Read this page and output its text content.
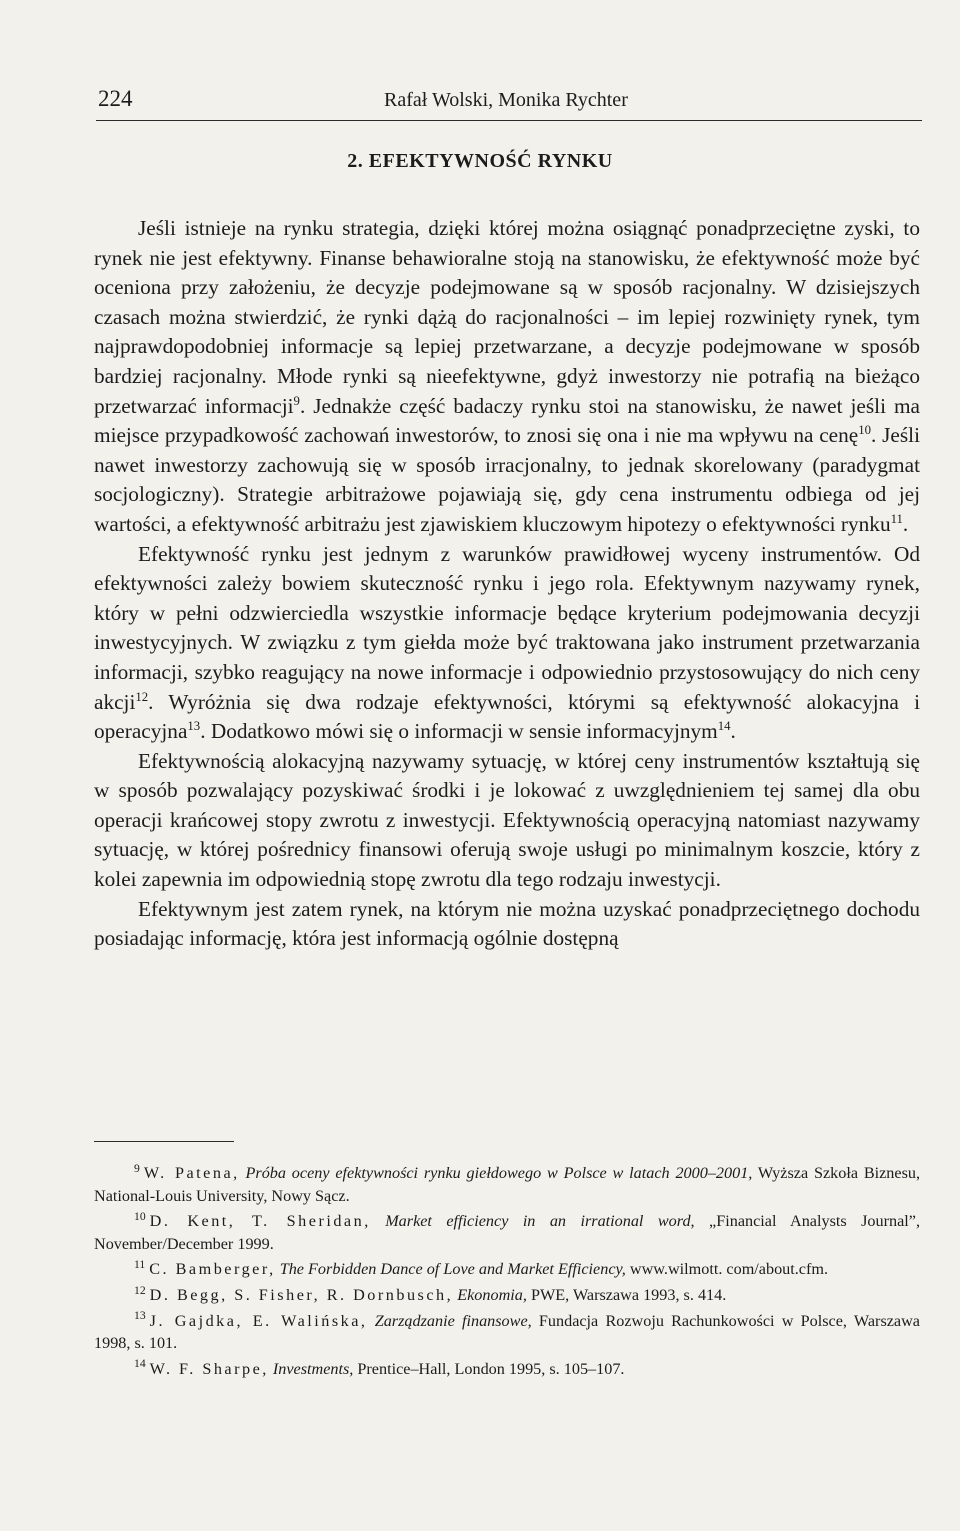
224	Rafał Wolski, Monika Rychter
2. EFEKTYWNOŚĆ RYNKU

Jeśli istnieje na rynku strategia, dzięki której można osiągnąć ponadprzeciętne zyski, to rynek nie jest efektywny. Finanse behawioralne stoją na stanowisku, że efektywność może być oceniona przy założeniu, że decyzje podejmowane są w sposób racjonalny. W dzisiejszych czasach można stwierdzić, że rynki dążą do racjonalności – im lepiej rozwinięty rynek, tym najprawdopodobniej informacje są lepiej przetwarzane, a decyzje podejmowane w sposób bardziej racjonalny. Młode rynki są nieefektywne, gdyż inwestorzy nie potrafią na bieżąco przetwarzać informacji$^9$. Jednakże część badaczy rynku stoi na stanowisku, że nawet jeśli ma miejsce przypadkowość zachowań inwestorów, to znosi się ona i nie ma wpływu na cenę$^{10}$. Jeśli nawet inwestorzy zachowują się w sposób irracjonalny, to jednak skorelowany (paradygmat socjologiczny). Strategie arbitrażowe pojawiają się, gdy cena instrumentu odbiega od jej wartości, a efektywność arbitrażu jest zjawiskiem kluczowym hipotezy o efektywności rynku$^{11}$.

Efektywność rynku jest jednym z warunków prawidłowej wyceny instrumentów. Od efektywności zależy bowiem skuteczność rynku i jego rola. Efektywnym nazywamy rynek, który w pełni odzwierciedla wszystkie informacje będące kryterium podejmowania decyzji inwestycyjnych. W związku z tym giełda może być traktowana jako instrument przetwarzania informacji, szybko reagujący na nowe informacje i odpowiednio przystosowujący do nich ceny akcji$^{12}$. Wyróżnia się dwa rodzaje efektywności, którymi są efektywność alokacyjna i operacyjna$^{13}$. Dodatkowo mówi się o informacji w sensie informacyjnym$^{14}$.

Efektywnością alokacyjną nazywamy sytuację, w której ceny instrumentów kształtują się w sposób pozwalający pozyskiwać środki i je lokować z uwzględnieniem tej samej dla obu operacji krańcowej stopy zwrotu z inwestycji. Efektywnością operacyjną natomiast nazywamy sytuację, w której pośrednicy finansowi oferują swoje usługi po minimalnym koszcie, który z kolei zapewnia im odpowiednią stopę zwrotu dla tego rodzaju inwestycji.

Efektywnym jest zatem rynek, na którym nie można uzyskać ponadprzeciętnego dochodu posiadając informację, która jest informacją ogólnie dostępną

$^9$ W. Patena, Próba oceny efektywności rynku giełdowego w Polsce w latach 2000–2001, Wyższa Szkoła Biznesu, National-Louis University, Nowy Sącz.

$^{10}$ D. Kent, T. Sheridan, Market efficiency in an irrational word, „Financial Analysts Journal”, November/December 1999.

$^{11}$ C. Bamberger, The Forbidden Dance of Love and Market Efficiency, www.wilmott. com/about.cfm.

$^{12}$ D. Begg, S. Fisher, R. Dornbusch, Ekonomia, PWE, Warszawa 1993, s. 414.

$^{13}$ J. Gajdka, E. Walińska, Zarządzanie finansowe, Fundacja Rozwoju Rachunkowości w Polsce, Warszawa 1998, s. 101.

$^{14}$ W. F. Sharpe, Investments, Prentice–Hall, London 1995, s. 105–107.
